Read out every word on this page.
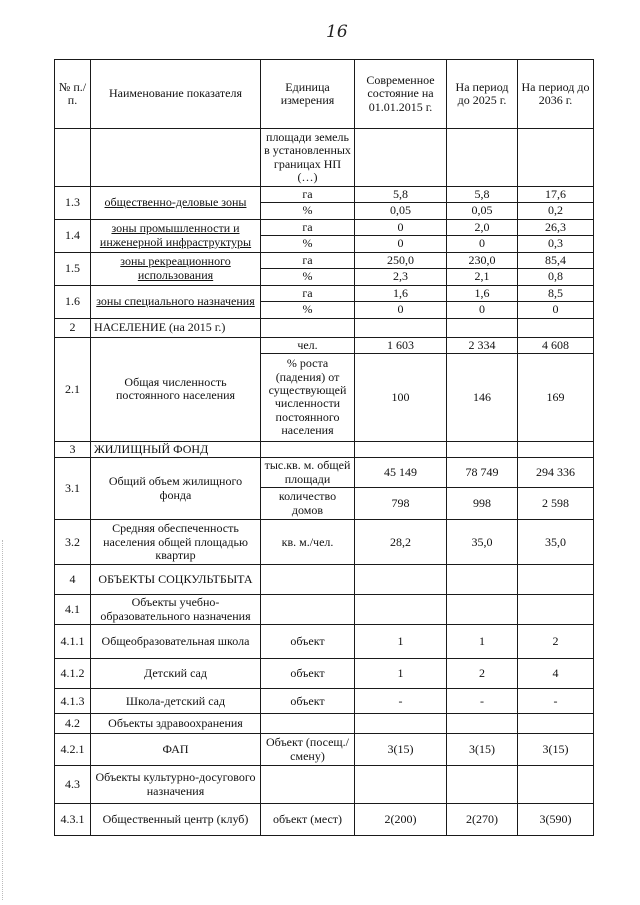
16
№ п./п.	Наименование показателя	Единица измерения	Современное состояние на 01.01.2015 г.	На период до 2025 г.	На период до 2036 г.
		площади земель в установленных границах НП (…)			
1.3	общественно-деловые зоны	га	5,8	5,8	17,6
		%	0,05	0,05	0,2
1.4	зоны промышленности и инженерной инфраструктуры	га	0	2,0	26,3
		%	0	0	0,3
1.5	зоны рекреационного использования	га	250,0	230,0	85,4
		%	2,3	2,1	0,8
1.6	зоны специального назначения	га	1,6	1,6	8,5
		%	0	0	0
2	НАСЕЛЕНИЕ (на 2015 г.)				
2.1	Общая численность постоянного населения	чел.	1 603	2 334	4 608
		% роста (падения) от существующей численности постоянного населения	100	146	169
3	ЖИЛИЩНЫЙ ФОНД				
3.1	Общий объем жилищного фонда	тыс.кв. м. общей площади	45 149	78 749	294 336
		количество домов	798	998	2 598
3.2	Средняя обеспеченность населения общей площадью квартир	кв. м./чел.	28,2	35,0	35,0
4	ОБЪЕКТЫ СОЦКУЛЬТБЫТА				
4.1	Объекты учебно-образовательного назначения				
4.1.1	Общеобразовательная школа	объект	1	1	2
4.1.2	Детский сад	объект	1	2	4
4.1.3	Школа-детский сад	объект	-	-	-
4.2	Объекты здравоохранения				
4.2.1	ФАП	Объект (посещ./смену)	3(15)	3(15)	3(15)
4.3	Объекты культурно-досугового назначения				
4.3.1	Общественный центр (клуб)	объект (мест)	2(200)	2(270)	3(590)
